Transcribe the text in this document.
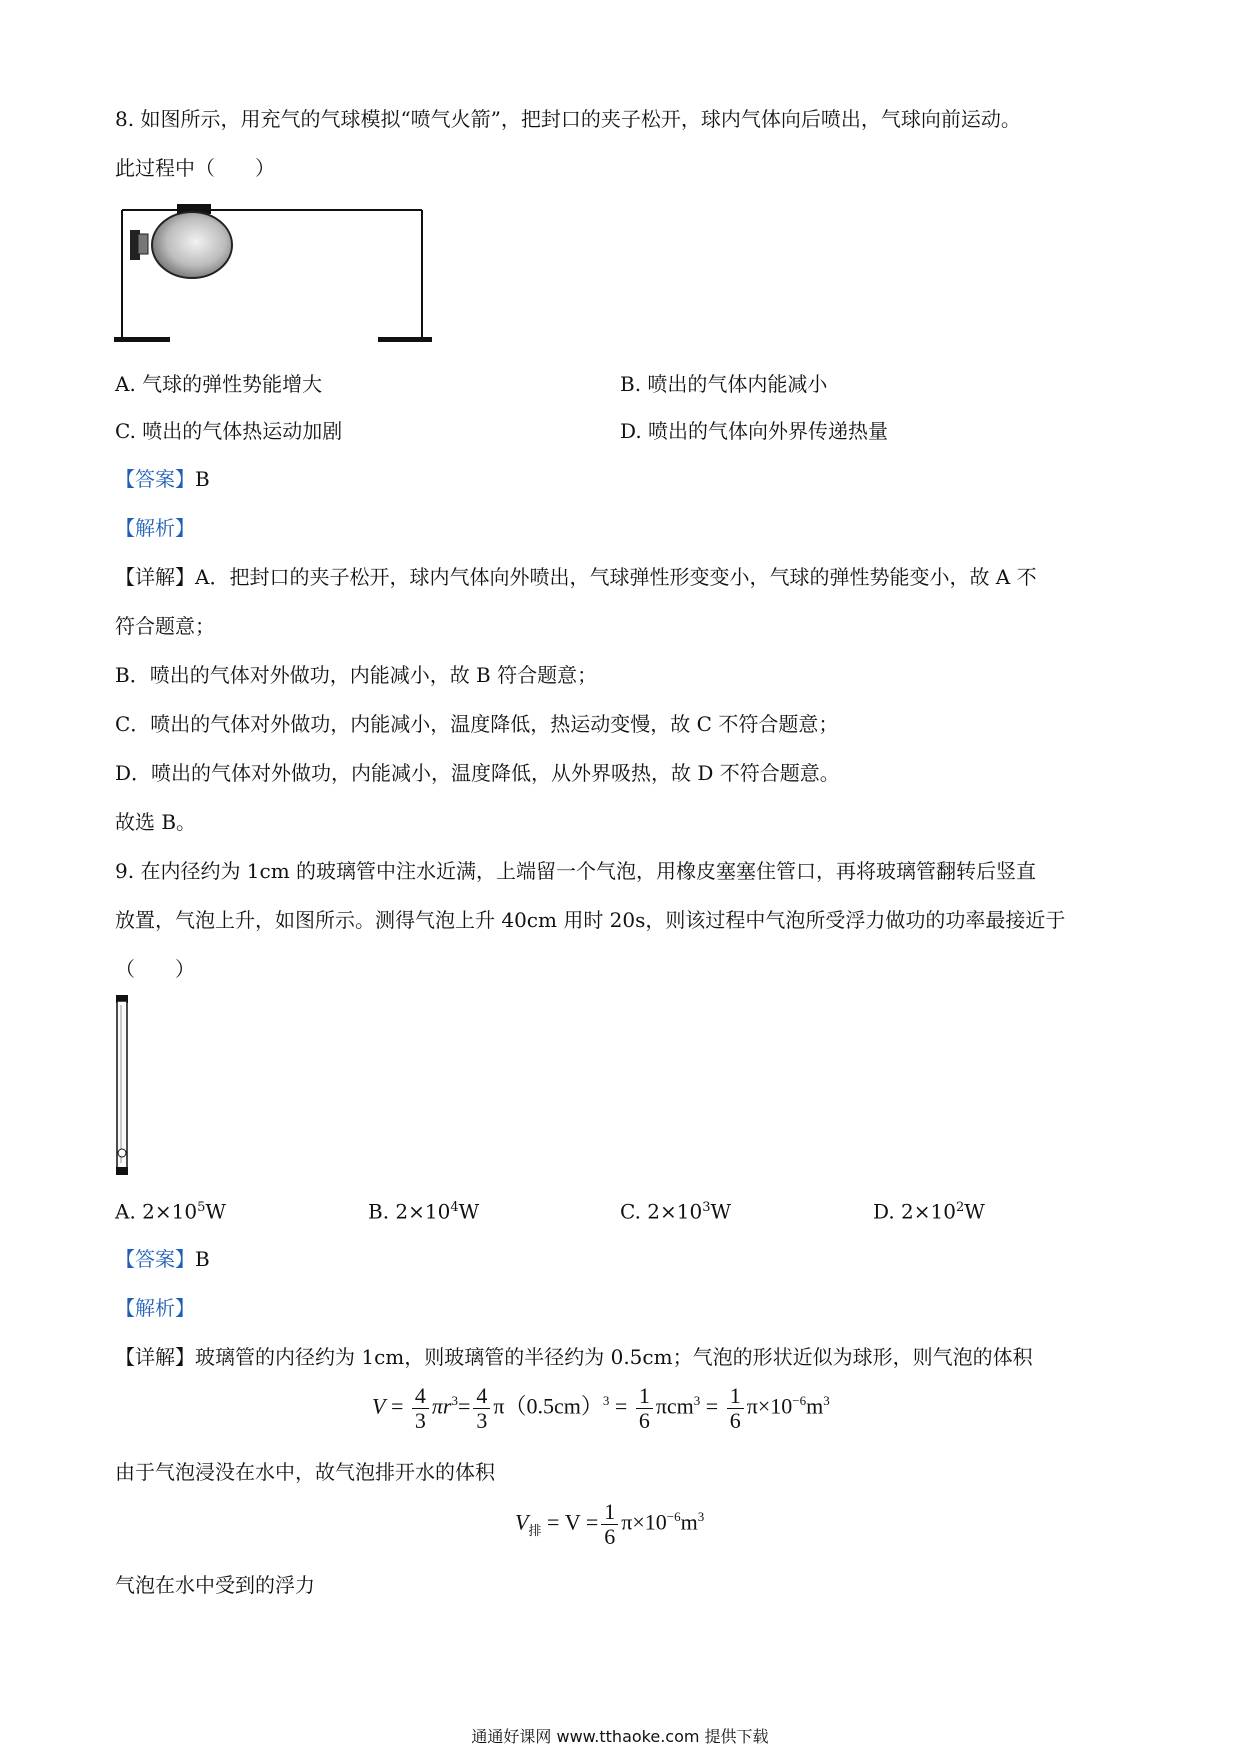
8. 如图所示，用充气的气球模拟“喷气火箭”，把封口的夹子松开，球内气体向后喷出，气球向前运动。
此过程中（　　）
A. 气球的弹性势能增大	B. 喷出的气体内能减小
C. 喷出的气体热运动加剧	D. 喷出的气体向外界传递热量
【答案】B
【解析】
【详解】A．把封口的夹子松开，球内气体向外喷出，气球弹性形变变小，气球的弹性势能变小，故 A 不
符合题意；
B．喷出的气体对外做功，内能减小，故 B 符合题意；
C．喷出的气体对外做功，内能减小，温度降低，热运动变慢，故 C 不符合题意；
D．喷出的气体对外做功，内能减小，温度降低，从外界吸热，故 D 不符合题意。
故选 B。
9. 在内径约为 1cm 的玻璃管中注水近满，上端留一个气泡，用橡皮塞塞住管口，再将玻璃管翻转后竖直
放置，气泡上升，如图所示。测得气泡上升 40cm 用时 20s，则该过程中气泡所受浮力做功的功率最接近于
（　　）
A. $2\times 10^5W$	B. $2\times 10^4W$	C. $2\times 10^3W$	D. $2\times 10^2W$
【答案】B
【解析】
【详解】玻璃管的内径约为 1cm，则玻璃管的半径约为 0.5cm；气泡的形状近似为球形，则气泡的体积
$V = \frac{4}{3} \pi r^3= \frac{4}{3} \pi(0.5cm)^3 = \frac{1}{6} \pi cm^3 = \frac{1}{6} \pi\times 10^{-6}m^3$
由于气泡浸没在水中，故气泡排开水的体积
$V_排 = V = \frac{1}{6} \pi\times 10^{-6}m^3$
气泡在水中受到的浮力
通通好课网 www.tthaoke.com 提供下载
